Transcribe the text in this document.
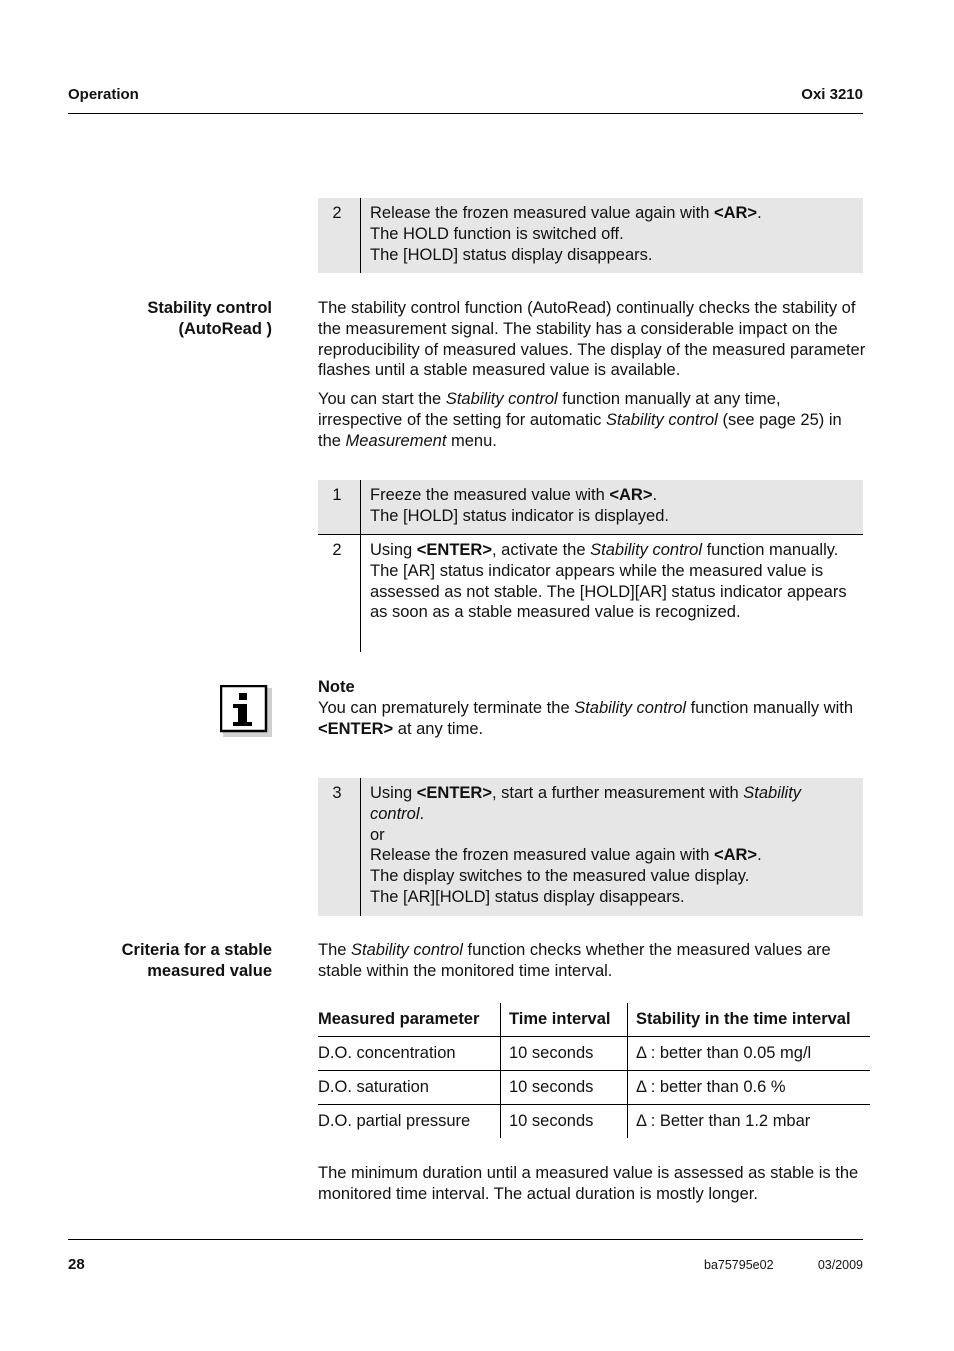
Operation	Oxi 3210
2	Release the frozen measured value again with <AR>.
The HOLD function is switched off.
The [HOLD] status display disappears.
Stability control
(AutoRead )
The stability control function (AutoRead) continually checks the stability of the measurement signal. The stability has a considerable impact on the reproducibility of measured values. The display of the measured parameter flashes until a stable measured value is available.
You can start the Stability control function manually at any time, irrespective of the setting for automatic Stability control (see page 25) in the Measurement menu.
1	Freeze the measured value with <AR>.
The [HOLD] status indicator is displayed.
2	Using <ENTER>, activate the Stability control function manually.
The [AR] status indicator appears while the measured value is assessed as not stable. The [HOLD][AR] status indicator appears as soon as a stable measured value is recognized.
Note
You can prematurely terminate the Stability control function manually with <ENTER> at any time.
3	Using <ENTER>, start a further measurement with Stability control.
or
Release the frozen measured value again with <AR>.
The display switches to the measured value display.
The [AR][HOLD] status display disappears.
Criteria for a stable
measured value
The Stability control function checks whether the measured values are stable within the monitored time interval.
Measured parameter	Time interval	Stability in the time interval
D.O. concentration	10 seconds	Δ : better than 0.05 mg/l
D.O. saturation	10 seconds	Δ : better than 0.6 %
D.O. partial pressure	10 seconds	Δ : Better than 1.2 mbar
The minimum duration until a measured value is assessed as stable is the monitored time interval. The actual duration is mostly longer.
28	ba75795e02	03/2009
